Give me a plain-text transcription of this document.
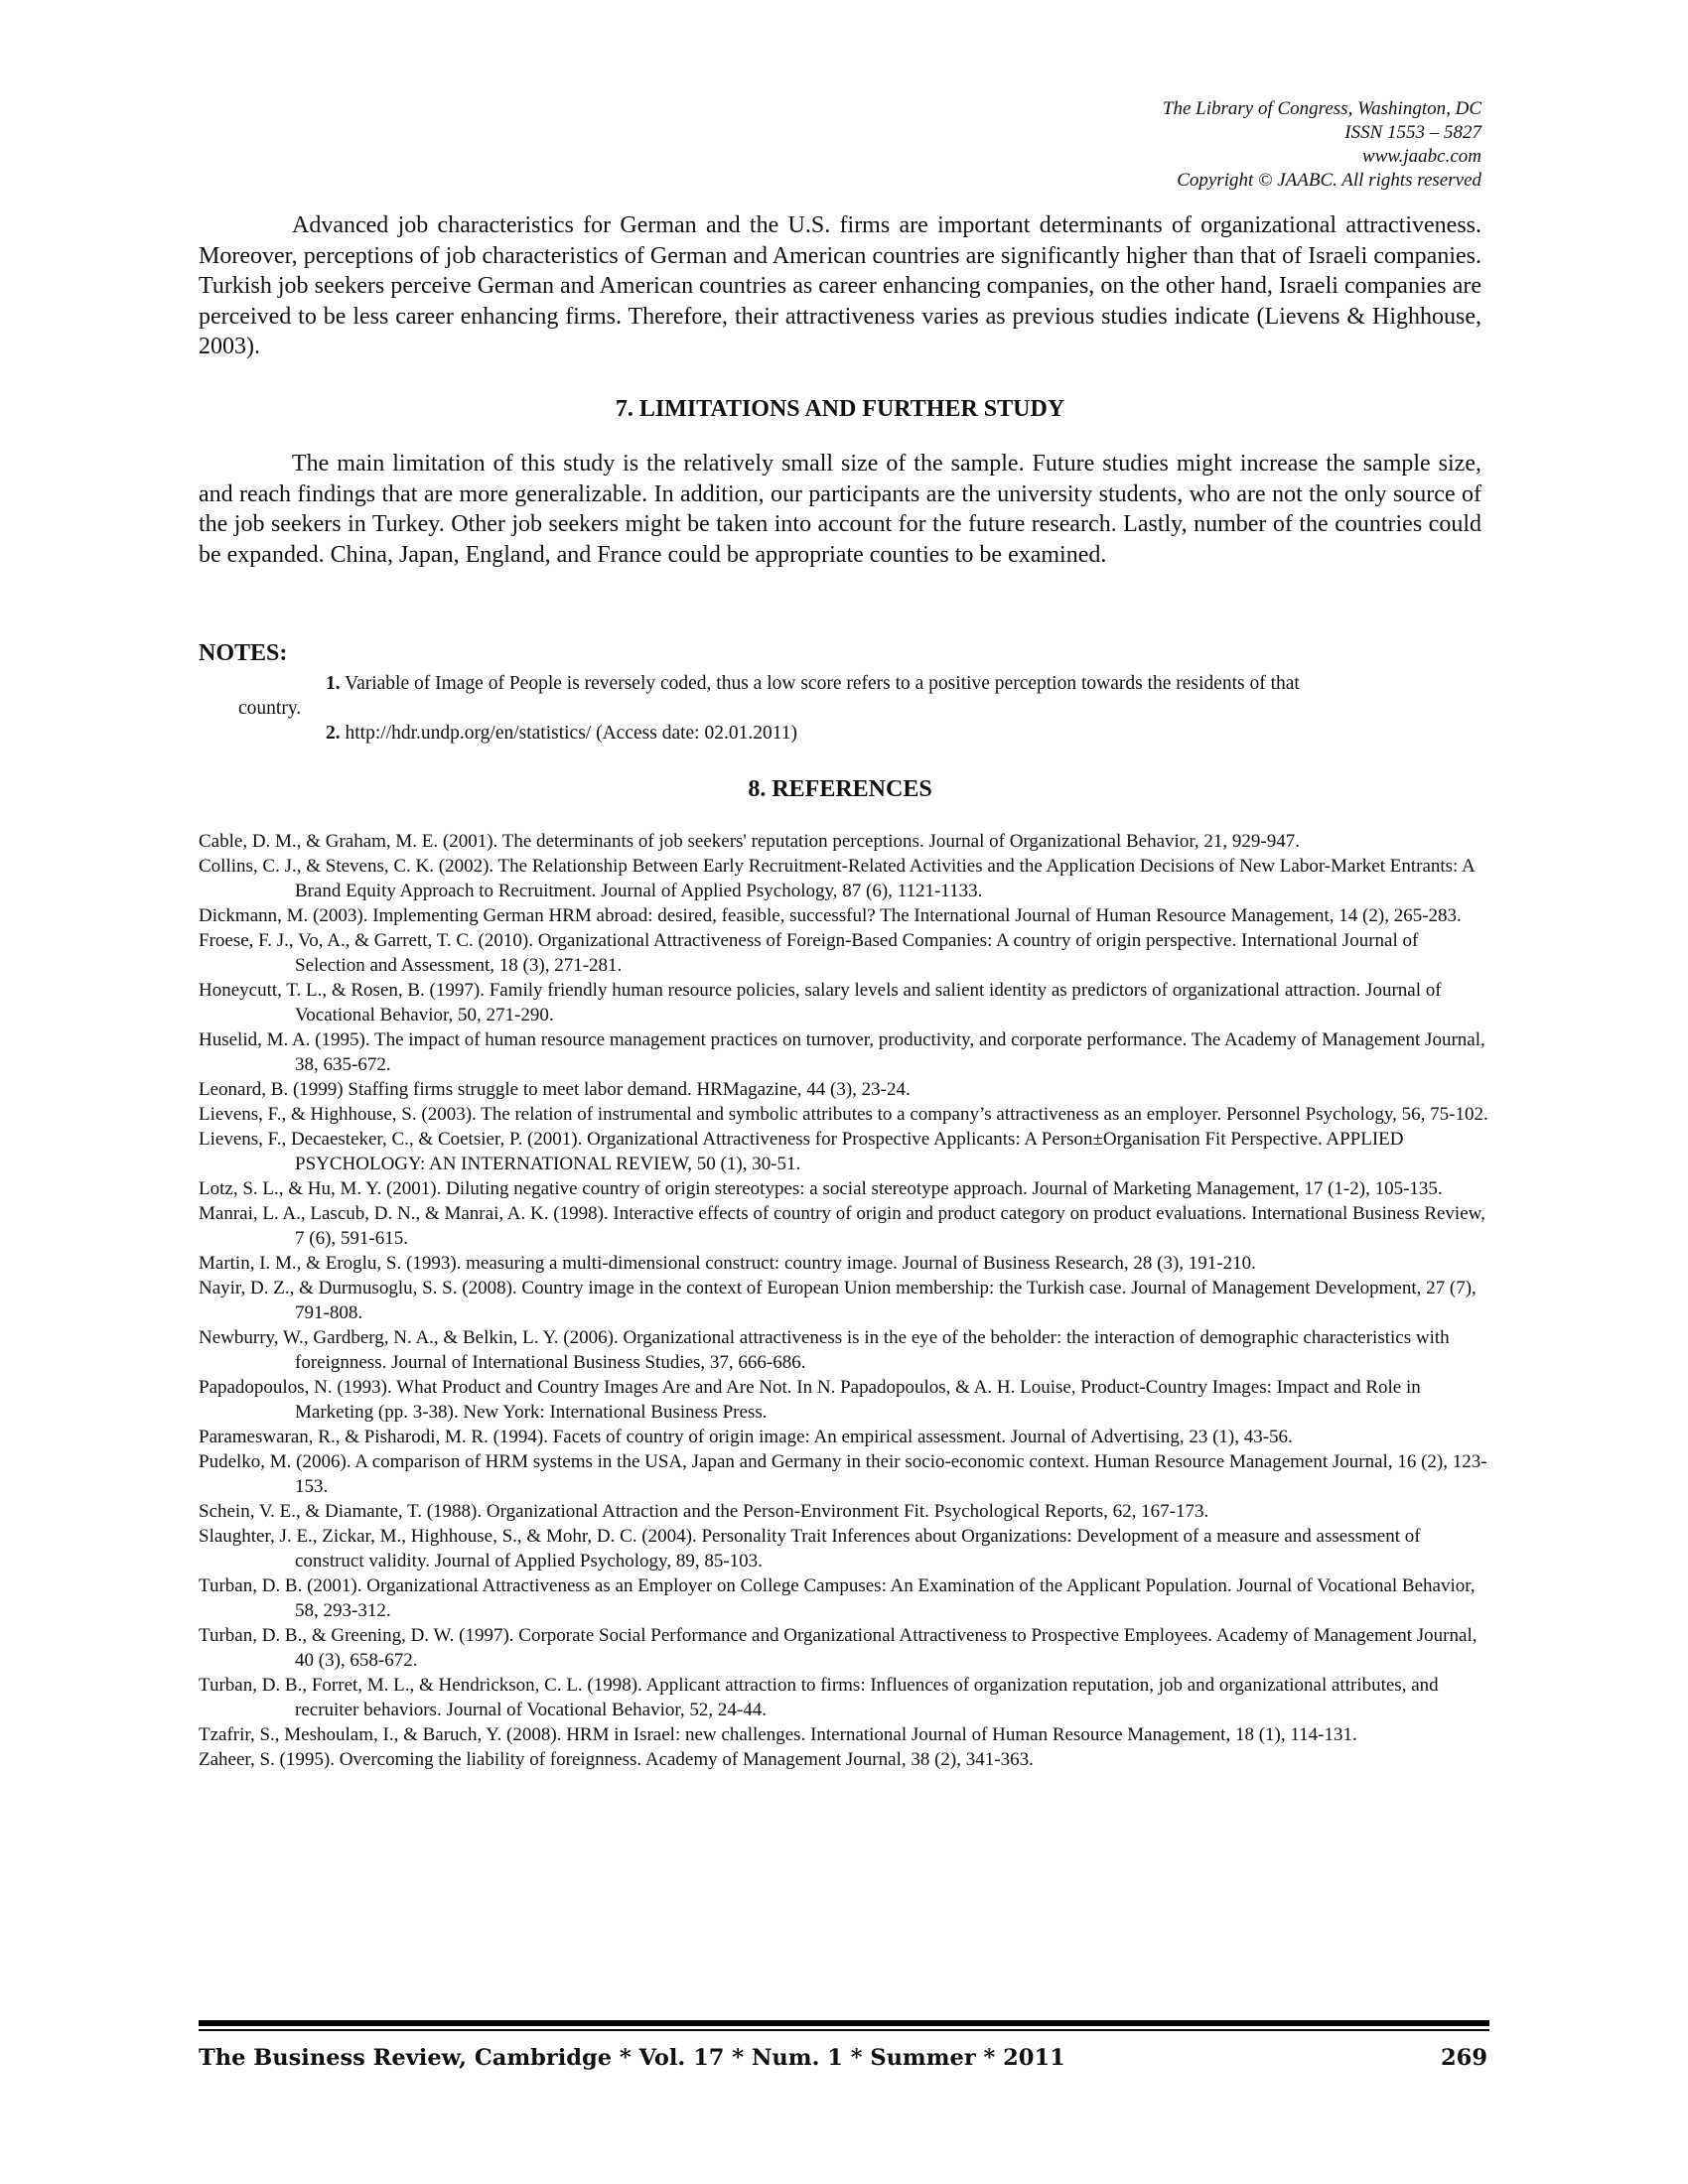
The Library of Congress, Washington, DC
ISSN 1553 – 5827
www.jaabc.com
Copyright © JAABC. All rights reserved

Advanced job characteristics for German and the U.S. firms are important determinants of organizational attractiveness. Moreover, perceptions of job characteristics of German and American countries are significantly higher than that of Israeli companies. Turkish job seekers perceive German and American countries as career enhancing companies, on the other hand, Israeli companies are perceived to be less career enhancing firms. Therefore, their attractiveness varies as previous studies indicate (Lievens & Highhouse, 2003).

7. LIMITATIONS AND FURTHER STUDY

The main limitation of this study is the relatively small size of the sample. Future studies might increase the sample size, and reach findings that are more generalizable. In addition, our participants are the university students, who are not the only source of the job seekers in Turkey. Other job seekers might be taken into account for the future research. Lastly, number of the countries could be expanded. China, Japan, England, and France could be appropriate counties to be examined.

NOTES:
1. Variable of Image of People is reversely coded, thus a low score refers to a positive perception towards the residents of that
country.
2. http://hdr.undp.org/en/statistics/ (Access date: 02.01.2011)
8. REFERENCES
Cable, D. M., & Graham, M. E. (2001). The determinants of job seekers' reputation perceptions. Journal of Organizational Behavior, 21, 929-947.
Collins, C. J., & Stevens, C. K. (2002). The Relationship Between Early Recruitment-Related Activities and the Application Decisions of New Labor-Market Entrants: A Brand Equity Approach to Recruitment. Journal of Applied Psychology, 87 (6), 1121-1133.
Dickmann, M. (2003). Implementing German HRM abroad: desired, feasible, successful? The International Journal of Human Resource Management, 14 (2), 265-283.
Froese, F. J., Vo, A., & Garrett, T. C. (2010). Organizational Attractiveness of Foreign-Based Companies: A country of origin perspective. International Journal of Selection and Assessment, 18 (3), 271-281.
Honeycutt, T. L., & Rosen, B. (1997). Family friendly human resource policies, salary levels and salient identity as predictors of organizational attraction. Journal of Vocational Behavior, 50, 271-290.
Huselid, M. A. (1995). The impact of human resource management practices on turnover, productivity, and corporate performance. The Academy of Management Journal, 38, 635-672.
Leonard, B. (1999) Staffing firms struggle to meet labor demand. HRMagazine, 44 (3), 23-24.
Lievens, F., & Highhouse, S. (2003). The relation of instrumental and symbolic attributes to a company’s attractiveness as an employer. Personnel Psychology, 56, 75-102.
Lievens, F., Decaesteker, C., & Coetsier, P. (2001). Organizational Attractiveness for Prospective Applicants: A Person±Organisation Fit Perspective. APPLIED PSYCHOLOGY: AN INTERNATIONAL REVIEW, 50 (1), 30-51.
Lotz, S. L., & Hu, M. Y. (2001). Diluting negative country of origin stereotypes: a social stereotype approach. Journal of Marketing Management, 17 (1-2), 105-135.
Manrai, L. A., Lascub, D. N., & Manrai, A. K. (1998). Interactive effects of country of origin and product category on product evaluations. International Business Review, 7 (6), 591-615.
Martin, I. M., & Eroglu, S. (1993). measuring a multi-dimensional construct: country image. Journal of Business Research, 28 (3), 191-210.
Nayir, D. Z., & Durmusoglu, S. S. (2008). Country image in the context of European Union membership: the Turkish case. Journal of Management Development, 27 (7), 791-808.
Newburry, W., Gardberg, N. A., & Belkin, L. Y. (2006). Organizational attractiveness is in the eye of the beholder: the interaction of demographic characteristics with foreignness. Journal of International Business Studies, 37, 666-686.
Papadopoulos, N. (1993). What Product and Country Images Are and Are Not. In N. Papadopoulos, & A. H. Louise, Product-Country Images: Impact and Role in Marketing (pp. 3-38). New York: International Business Press.
Parameswaran, R., & Pisharodi, M. R. (1994). Facets of country of origin image: An empirical assessment. Journal of Advertising, 23 (1), 43-56.
Pudelko, M. (2006). A comparison of HRM systems in the USA, Japan and Germany in their socio-economic context. Human Resource Management Journal, 16 (2), 123-153.
Schein, V. E., & Diamante, T. (1988). Organizational Attraction and the Person-Environment Fit. Psychological Reports, 62, 167-173.
Slaughter, J. E., Zickar, M., Highhouse, S., & Mohr, D. C. (2004). Personality Trait Inferences about Organizations: Development of a measure and assessment of construct validity. Journal of Applied Psychology, 89, 85-103.
Turban, D. B. (2001). Organizational Attractiveness as an Employer on College Campuses: An Examination of the Applicant Population. Journal of Vocational Behavior, 58, 293-312.
Turban, D. B., & Greening, D. W. (1997). Corporate Social Performance and Organizational Attractiveness to Prospective Employees. Academy of Management Journal, 40 (3), 658-672.
Turban, D. B., Forret, M. L., & Hendrickson, C. L. (1998). Applicant attraction to firms: Influences of organization reputation, job and organizational attributes, and recruiter behaviors. Journal of Vocational Behavior, 52, 24-44.
Tzafrir, S., Meshoulam, I., & Baruch, Y. (2008). HRM in Israel: new challenges. International Journal of Human Resource Management, 18 (1), 114-131.
Zaheer, S. (1995). Overcoming the liability of foreignness. Academy of Management Journal, 38 (2), 341-363.
The Business Review, Cambridge * Vol. 17 * Num. 1 * Summer * 2011	269
